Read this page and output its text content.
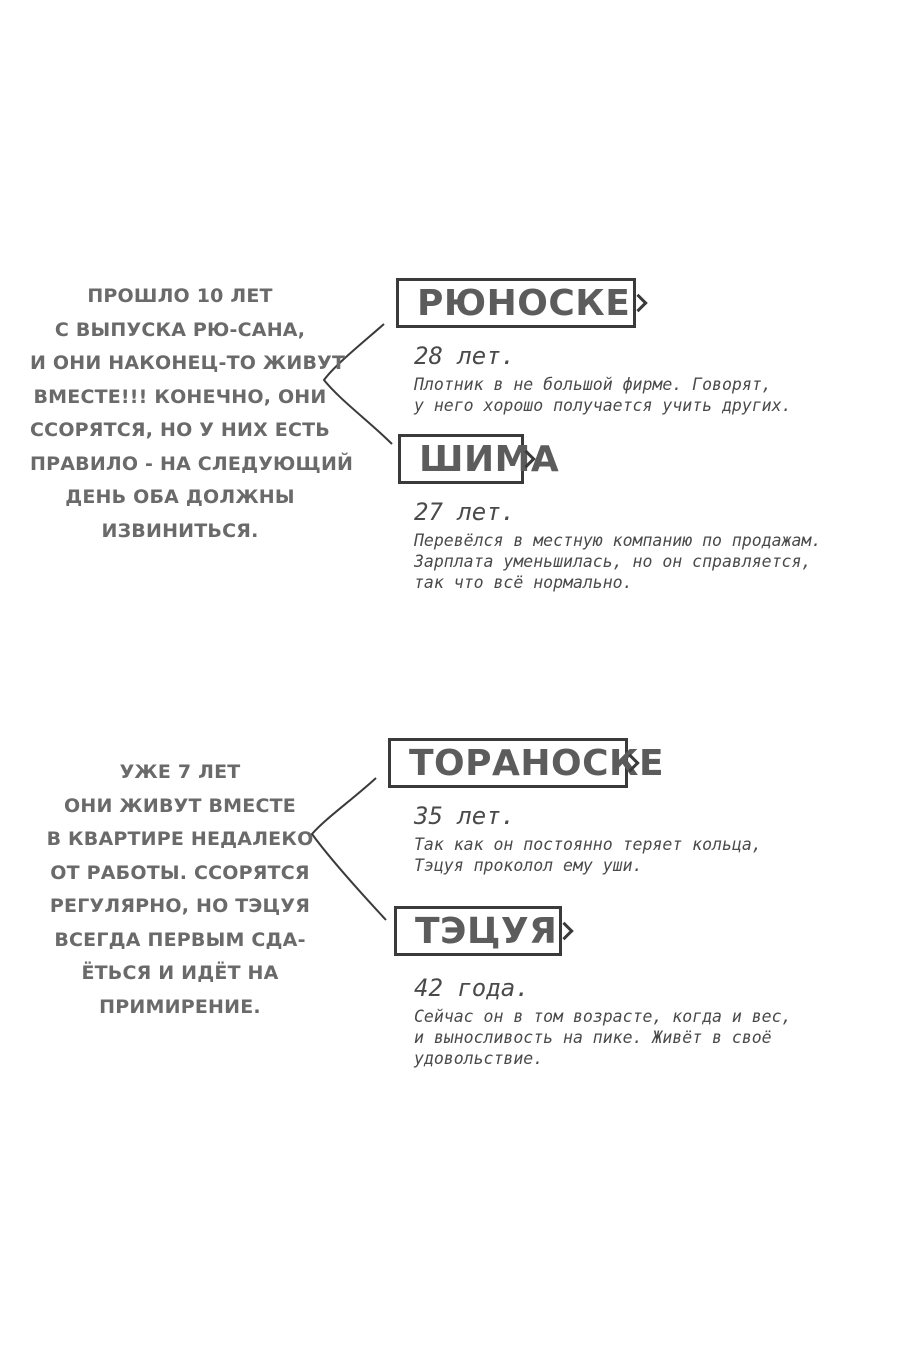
ПРОШЛО 10 ЛЕТ
С ВЫПУСКА РЮ-САНА,
И ОНИ НАКОНЕЦ-ТО ЖИВУТ
ВМЕСТЕ!!! КОНЕЧНО, ОНИ
ССОРЯТСЯ, НО У НИХ ЕСТЬ
ПРАВИЛО - НА СЛЕДУЮЩИЙ
ДЕНЬ ОБА ДОЛЖНЫ
ИЗВИНИТЬСЯ.
РЮНОСКЕ
28 лет.
Плотник в не большой фирме. Говорят,
у него хорошо получается учить других.
ШИМА
27 лет.
Перевёлся в местную компанию по продажам.
Зарплата уменьшилась, но он справляется,
так что всё нормально.
УЖЕ 7 ЛЕТ
ОНИ ЖИВУТ ВМЕСТЕ
В КВАРТИРЕ НЕДАЛЕКО
ОТ РАБОТЫ. ССОРЯТСЯ
РЕГУЛЯРНО, НО ТЭЦУЯ
ВСЕГДА ПЕРВЫМ СДА-
ЁТЬСЯ И ИДЁТ НА
ПРИМИРЕНИЕ.
ТОРАНОСКЕ
35 лет.
Так как он постоянно теряет кольца,
Тэцуя проколол ему уши.
ТЭЦУЯ
42 года.
Сейчас он в том возрасте, когда и вес,
и выносливость на пике. Живёт в своё
удовольствие.
